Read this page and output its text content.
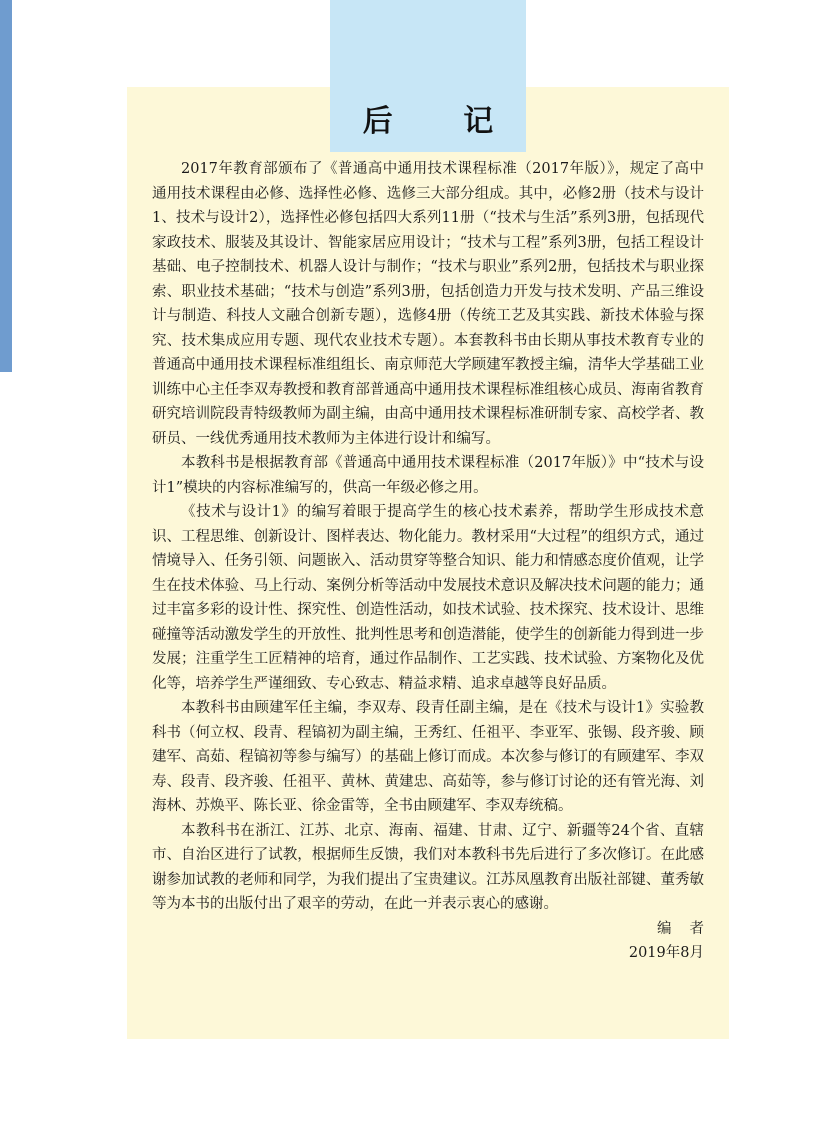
后 记

2017年教育部颁布了《普通高中通用技术课程标准（2017年版）》，规定了高中通用技术课程由必修、选择性必修、选修三大部分组成。其中，必修2册（技术与设计1、技术与设计2），选择性必修包括四大系列11册（“技术与生活”系列3册，包括现代家政技术、服装及其设计、智能家居应用设计；“技术与工程”系列3册，包括工程设计基础、电子控制技术、机器人设计与制作；“技术与职业”系列2册，包括技术与职业探索、职业技术基础；“技术与创造”系列3册，包括创造力开发与技术发明、产品三维设计与制造、科技人文融合创新专题），选修4册（传统工艺及其实践、新技术体验与探究、技术集成应用专题、现代农业技术专题）。本套教科书由长期从事技术教育专业的普通高中通用技术课程标准组组长、南京师范大学顾建军教授主编，清华大学基础工业训练中心主任李双寿教授和教育部普通高中通用技术课程标准组核心成员、海南省教育研究培训院段青特级教师为副主编，由高中通用技术课程标准研制专家、高校学者、教研员、一线优秀通用技术教师为主体进行设计和编写。

本教科书是根据教育部《普通高中通用技术课程标准（2017年版）》中“技术与设计1”模块的内容标准编写的，供高一年级必修之用。

《技术与设计1》的编写着眼于提高学生的核心技术素养，帮助学生形成技术意识、工程思维、创新设计、图样表达、物化能力。教材采用“大过程”的组织方式，通过情境导入、任务引领、问题嵌入、活动贯穿等整合知识、能力和情感态度价值观，让学生在技术体验、马上行动、案例分析等活动中发展技术意识及解决技术问题的能力；通过丰富多彩的设计性、探究性、创造性活动，如技术试验、技术探究、技术设计、思维碰撞等活动激发学生的开放性、批判性思考和创造潜能，使学生的创新能力得到进一步发展；注重学生工匠精神的培育，通过作品制作、工艺实践、技术试验、方案物化及优化等，培养学生严谨细致、专心致志、精益求精、追求卓越等良好品质。

本教科书由顾建军任主编，李双寿、段青任副主编，是在《技术与设计1》实验教科书（何立权、段青、程镐初为副主编，王秀红、任祖平、李亚军、张锡、段齐骏、顾建军、高茹、程镐初等参与编写）的基础上修订而成。本次参与修订的有顾建军、李双寿、段青、段齐骏、任祖平、黄林、黄建忠、高茹等，参与修订讨论的还有管光海、刘海林、苏焕平、陈长亚、徐金雷等，全书由顾建军、李双寿统稿。

本教科书在浙江、江苏、北京、海南、福建、甘肃、辽宁、新疆等24个省、直辖市、自治区进行了试教，根据师生反馈，我们对本教科书先后进行了多次修订。在此感谢参加试教的老师和同学，为我们提出了宝贵建议。江苏凤凰教育出版社部键、董秀敏等为本书的出版付出了艰辛的劳动，在此一并表示衷心的感谢。

编者
2019年8月
